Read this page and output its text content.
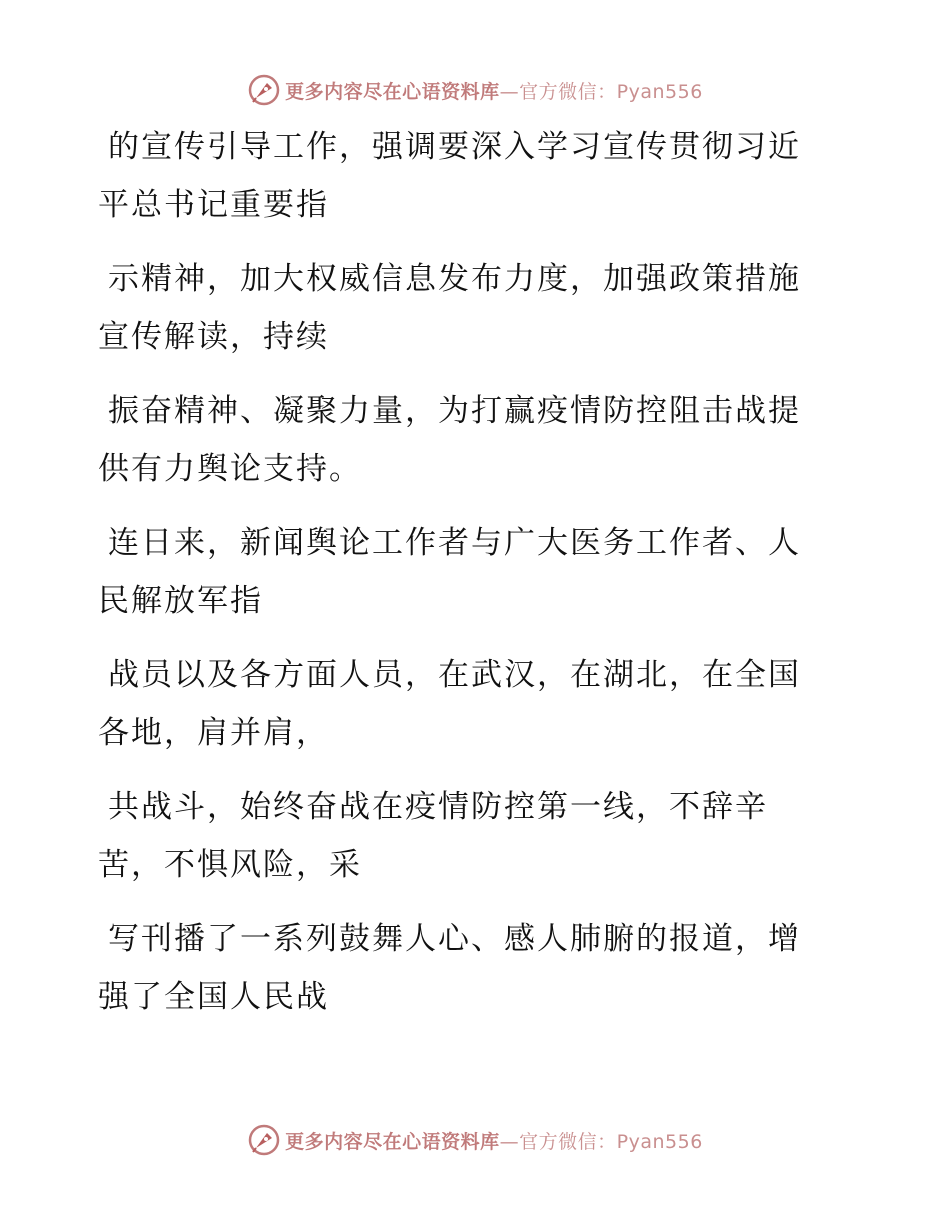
更多内容尽在心语资料库—官方微信：Pyan556
的宣传引导工作，强调要深入学习宣传贯彻习近
平总书记重要指
示精神，加大权威信息发布力度，加强政策措施
宣传解读，持续
振奋精神、凝聚力量，为打赢疫情防控阻击战提
供有力舆论支持。
连日来，新闻舆论工作者与广大医务工作者、人
民解放军指
战员以及各方面人员，在武汉，在湖北，在全国
各地，肩并肩，
共战斗，始终奋战在疫情防控第一线，不辞辛
苦，不惧风险，采
写刊播了一系列鼓舞人心、感人肺腑的报道，增
强了全国人民战
更多内容尽在心语资料库—官方微信：Pyan556
